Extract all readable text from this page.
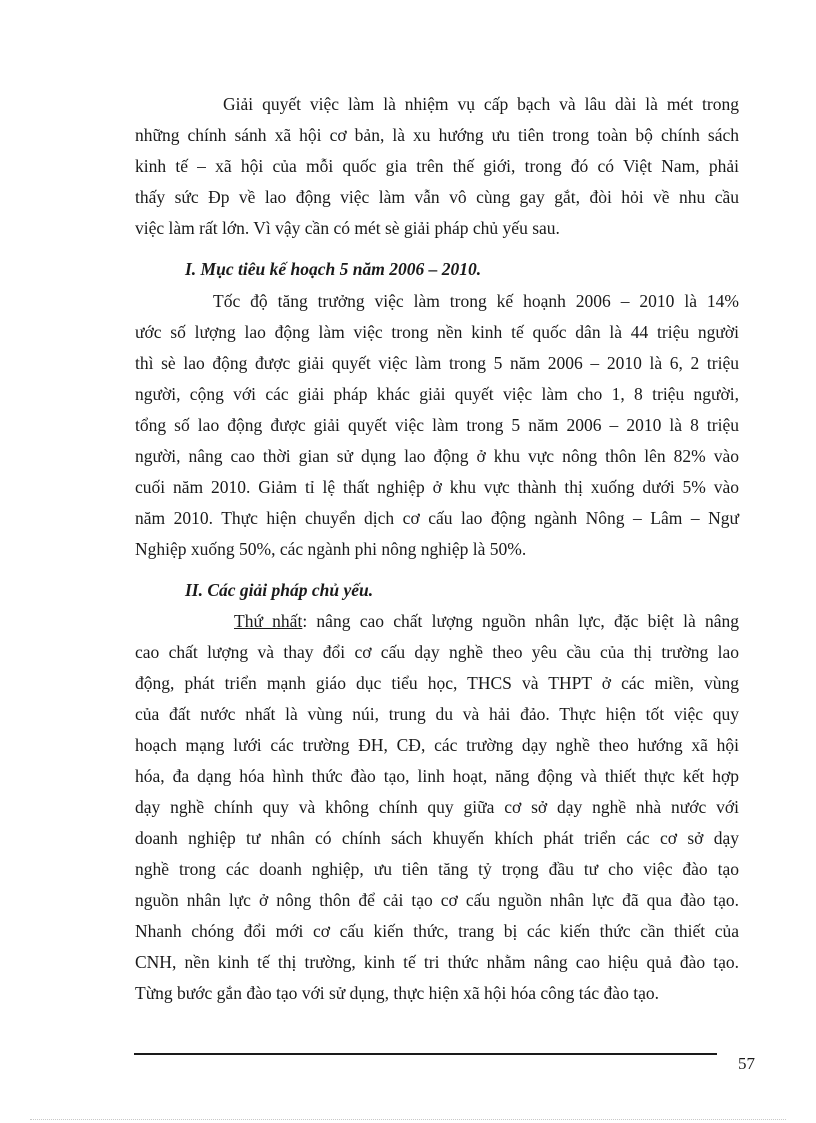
Giải quyết việc làm là nhiệm vụ cấp bạch và lâu dài là mét trong
những chính sánh xã hội cơ bản, là xu hướng ưu tiên trong toàn bộ chính sách
kinh tế – xã hội của mỗi quốc gia trên thế giới, trong đó có Việt Nam, phải
thấy sức Đp về lao động việc làm vẫn vô cùng gay gắt, đòi hỏi về nhu cầu
việc làm rất lớn. Vì vậy cần có mét sè giải pháp chủ yếu sau.
I. Mục tiêu kế hoạch 5 năm 2006 – 2010.
Tốc độ tăng trưởng việc làm trong kế hoạnh 2006 – 2010 là 14%
ước số lượng lao động làm việc trong nền kinh tế quốc dân là 44 triệu người
thì sè lao động được giải quyết việc làm trong 5 năm 2006 – 2010 là 6, 2 triệu
người, cộng với các giải pháp khác giải quyết việc làm cho 1, 8 triệu người,
tổng số lao động được giải quyết việc làm trong 5 năm 2006 – 2010 là 8 triệu
người, nâng cao thời gian sử dụng lao động ở khu vực nông thôn lên 82% vào
cuối năm 2010. Giảm tỉ lệ thất nghiệp ở khu vực thành thị xuống dưới 5% vào
năm 2010. Thực hiện chuyển dịch cơ cấu lao động ngành Nông – Lâm – Ngư
Nghiệp xuống 50%, các ngành phi nông nghiệp là 50%.
II. Các giải pháp chủ yếu.
Thứ nhất: nâng cao chất lượng nguồn nhân lực, đặc biệt là nâng
cao chất lượng và thay đổi cơ cấu dạy nghề theo yêu cầu của thị trường lao
động, phát triển mạnh giáo dục tiểu học, THCS và THPT ở các miền, vùng
của đất nước nhất là vùng núi, trung du và hải đảo. Thực hiện tốt việc quy
hoạch mạng lưới các trường ĐH, CĐ, các trường dạy nghề theo hướng xã hội
hóa, đa dạng hóa hình thức đào tạo, linh hoạt, năng động và thiết thực kết hợp
dạy nghề chính quy và không chính quy giữa cơ sở dạy nghề nhà nước với
doanh nghiệp tư nhân có chính sách khuyến khích phát triển các cơ sở dạy
nghề trong các doanh nghiệp, ưu tiên tăng tỷ trọng đầu tư cho việc đào tạo
nguồn nhân lực ở nông thôn để cải tạo cơ cấu nguồn nhân lực đã qua đào tạo.
Nhanh chóng đổi mới cơ cấu kiến thức, trang bị các kiến thức cần thiết của
CNH, nền kinh tế thị trường, kinh tế tri thức nhằm nâng cao hiệu quả đào tạo.
Từng bước gắn đào tạo với sử dụng, thực hiện xã hội hóa công tác đào tạo.
57
